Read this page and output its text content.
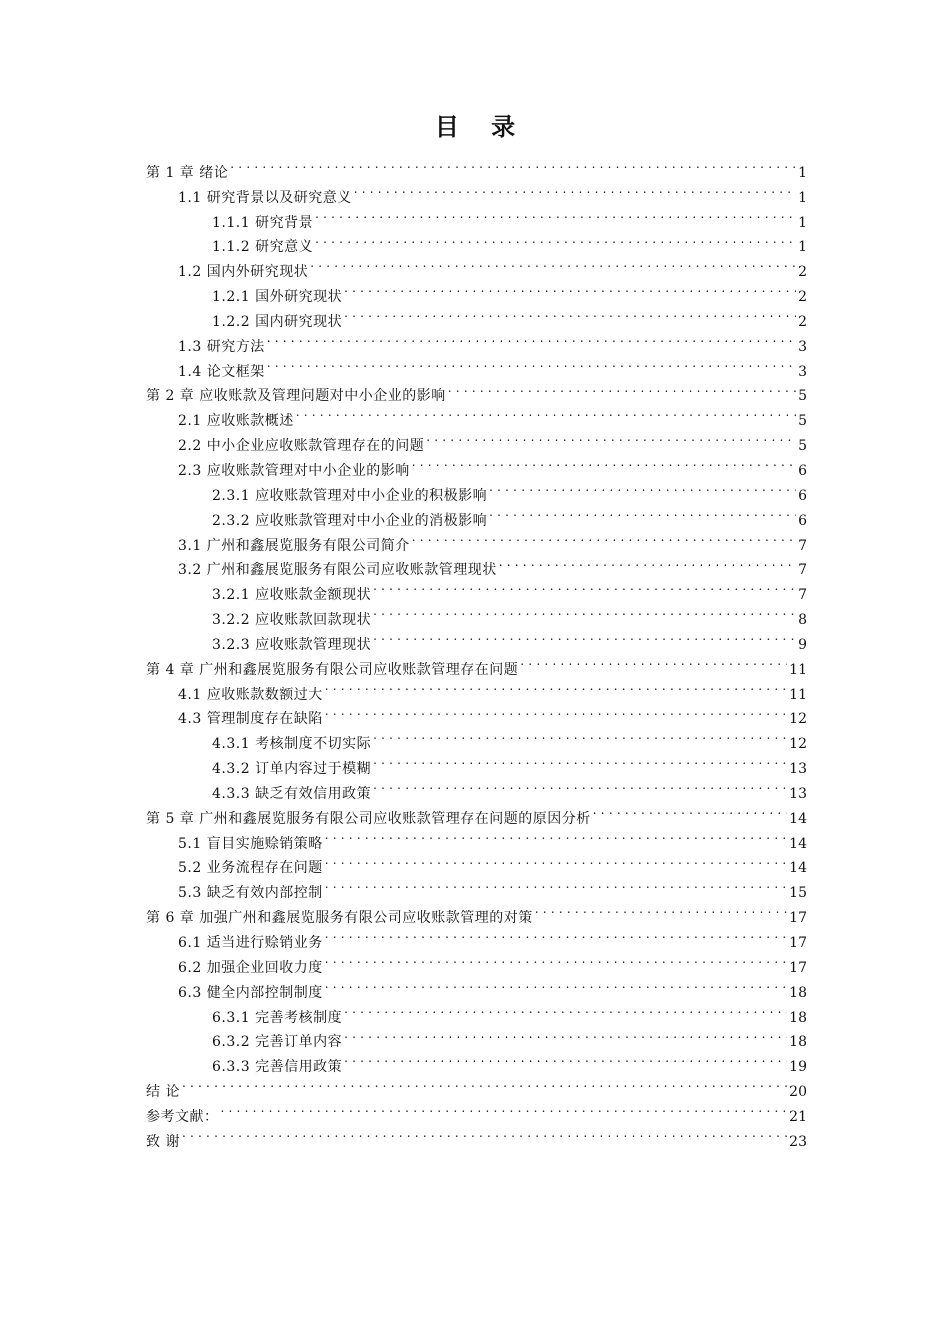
目 录
第 1 章 绪论 . . .	1
1.1 研究背景以及研究意义 . . .	1
1.1.1 研究背景 . . .	1
1.1.2 研究意义 . . .	1
1.2 国内外研究现状 . . .	2
1.2.1 国外研究现状 . . .	2
1.2.2 国内研究现状 . . .	2
1.3 研究方法 . . .	3
1.4 论文框架 . . .	3
第 2 章 应收账款及管理问题对中小企业的影响 . . .	5
2.1 应收账款概述 . . .	5
2.2 中小企业应收账款管理存在的问题 . . .	5
2.3 应收账款管理对中小企业的影响 . . .	6
2.3.1 应收账款管理对中小企业的积极影响 . . .	6
2.3.2 应收账款管理对中小企业的消极影响 . . .	6
3.1 广州和鑫展览服务有限公司简介 . . .	7
3.2 广州和鑫展览服务有限公司应收账款管理现状 . . .	7
3.2.1 应收账款金额现状 . . .	7
3.2.2 应收账款回款现状 . . .	8
3.2.3 应收账款管理现状 . . .	9
第 4 章 广州和鑫展览服务有限公司应收账款管理存在问题 . . .	11
4.1 应收账款数额过大 . . .	11
4.3 管理制度存在缺陷 . . .	12
4.3.1 考核制度不切实际 . . .	12
4.3.2 订单内容过于模糊 . . .	13
4.3.3 缺乏有效信用政策 . . .	13
第 5 章 广州和鑫展览服务有限公司应收账款管理存在问题的原因分析 . . .	14
5.1 盲目实施赊销策略 . . .	14
5.2 业务流程存在问题 . . .	14
5.3 缺乏有效内部控制 . . .	15
第 6 章 加强广州和鑫展览服务有限公司应收账款管理的对策 . . .	17
6.1 适当进行赊销业务 . . .	17
6.2 加强企业回收力度 . . .	17
6.3 健全内部控制制度 . . .	18
6.3.1 完善考核制度 . . .	18
6.3.2 完善订单内容 . . .	18
6.3.3 完善信用政策 . . .	19
结 论 . . .	20
参考文献： . . .	21
致 谢 . . .	23
